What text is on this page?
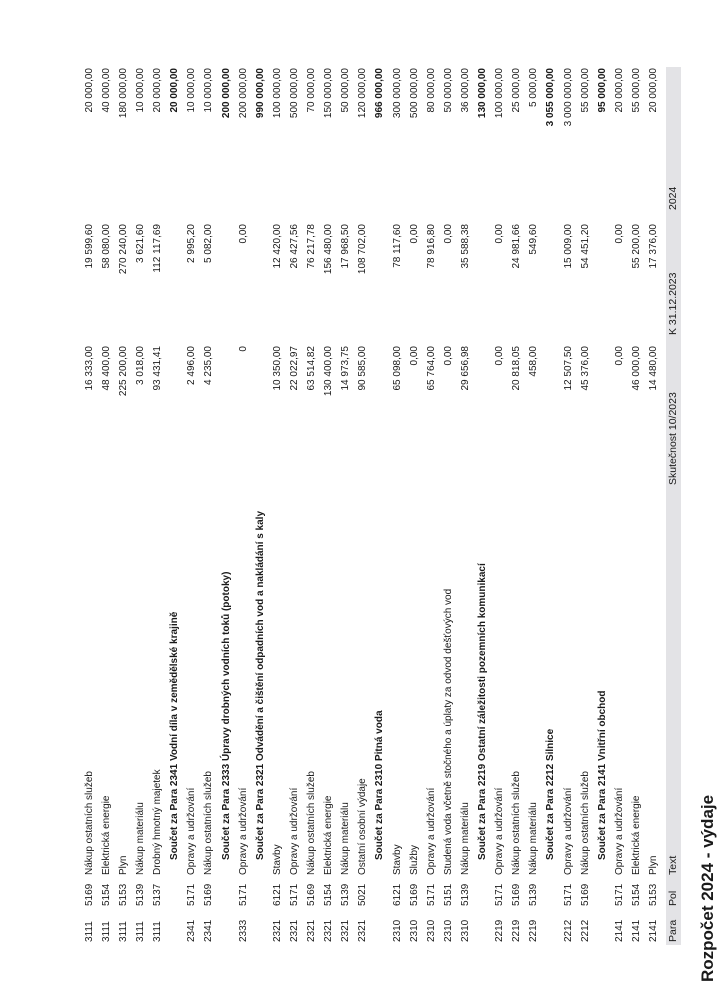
Rozpočet 2024 - výdaje
Para
Pol
Text
Skutečnost 10/2023
K 31.12.2023
2024
2141
5153
Plyn
14 480,00
17 376,00
20 000,00
2141
5154
Elektrická energie
46 000,00
55 200,00
55 000,00
2141
5171
Opravy a udržování
0,00
0,00
20 000,00
Součet za Para 2141 Vnitřní obchod
95 000,00
2212
5169
Nákup ostatních služeb
45 376,00
54 451,20
55 000,00
2212
5171
Opravy a udržování
12 507,50
15 009,00
3 000 000,00
Součet za Para 2212 Silnice
3 055 000,00
2219
5139
Nákup materiálu
458,00
549,60
5 000,00
2219
5169
Nákup ostatních služeb
20 818,05
24 981,66
25 000,00
2219
5171
Opravy a udržování
0,00
0,00
100 000,00
Součet za Para 2219 Ostatní záležitosti pozemních komunikací
130 000,00
2310
5139
Nákup materiálu
29 656,98
35 588,38
36 000,00
2310
5151
Studená voda včetně stočného a úplaty za odvod dešťových vod
0,00
0,00
50 000,00
2310
5171
Opravy a udržování
65 764,00
78 916,80
80 000,00
2310
5169
Služby
0,00
0,00
500 000,00
2310
6121
Stavby
65 098,00
78 117,60
300 000,00
Součet za Para 2310 Pitná voda
966 000,00
2321
5021
Ostatní osobní výdaje
90 585,00
108 702,00
120 000,00
2321
5139
Nákup materiálu
14 973,75
17 968,50
50 000,00
2321
5154
Elektrická energie
130 400,00
156 480,00
150 000,00
2321
5169
Nákup ostatních služeb
63 514,82
76 217,78
70 000,00
2321
5171
Opravy a udržování
22 022,97
26 427,56
500 000,00
2321
6121
Stavby
10 350,00
12 420,00
100 000,00
Součet za Para 2321 Odvádění a čištění odpadních vod a nakládání s kaly
990 000,00
2333
5171
Opravy a udržování
0
0,00
200 000,00
Součet za Para 2333 Úpravy drobných vodních toků (potoky)
200 000,00
2341
5169
Nákup ostatních služeb
4 235,00
5 082,00
10 000,00
2341
5171
Opravy a udržování
2 496,00
2 995,20
10 000,00
Součet za Para 2341 Vodní díla v zemědělské krajině
20 000,00
3111
5137
Drobný hmotný majetek
93 431,41
112 117,69
20 000,00
3111
5139
Nákup materiálu
3 018,00
3 621,60
10 000,00
3111
5153
Plyn
225 200,00
270 240,00
180 000,00
3111
5154
Elektrická energie
48 400,00
58 080,00
40 000,00
3111
5169
Nákup ostatních služeb
16 333,00
19 599,60
20 000,00
